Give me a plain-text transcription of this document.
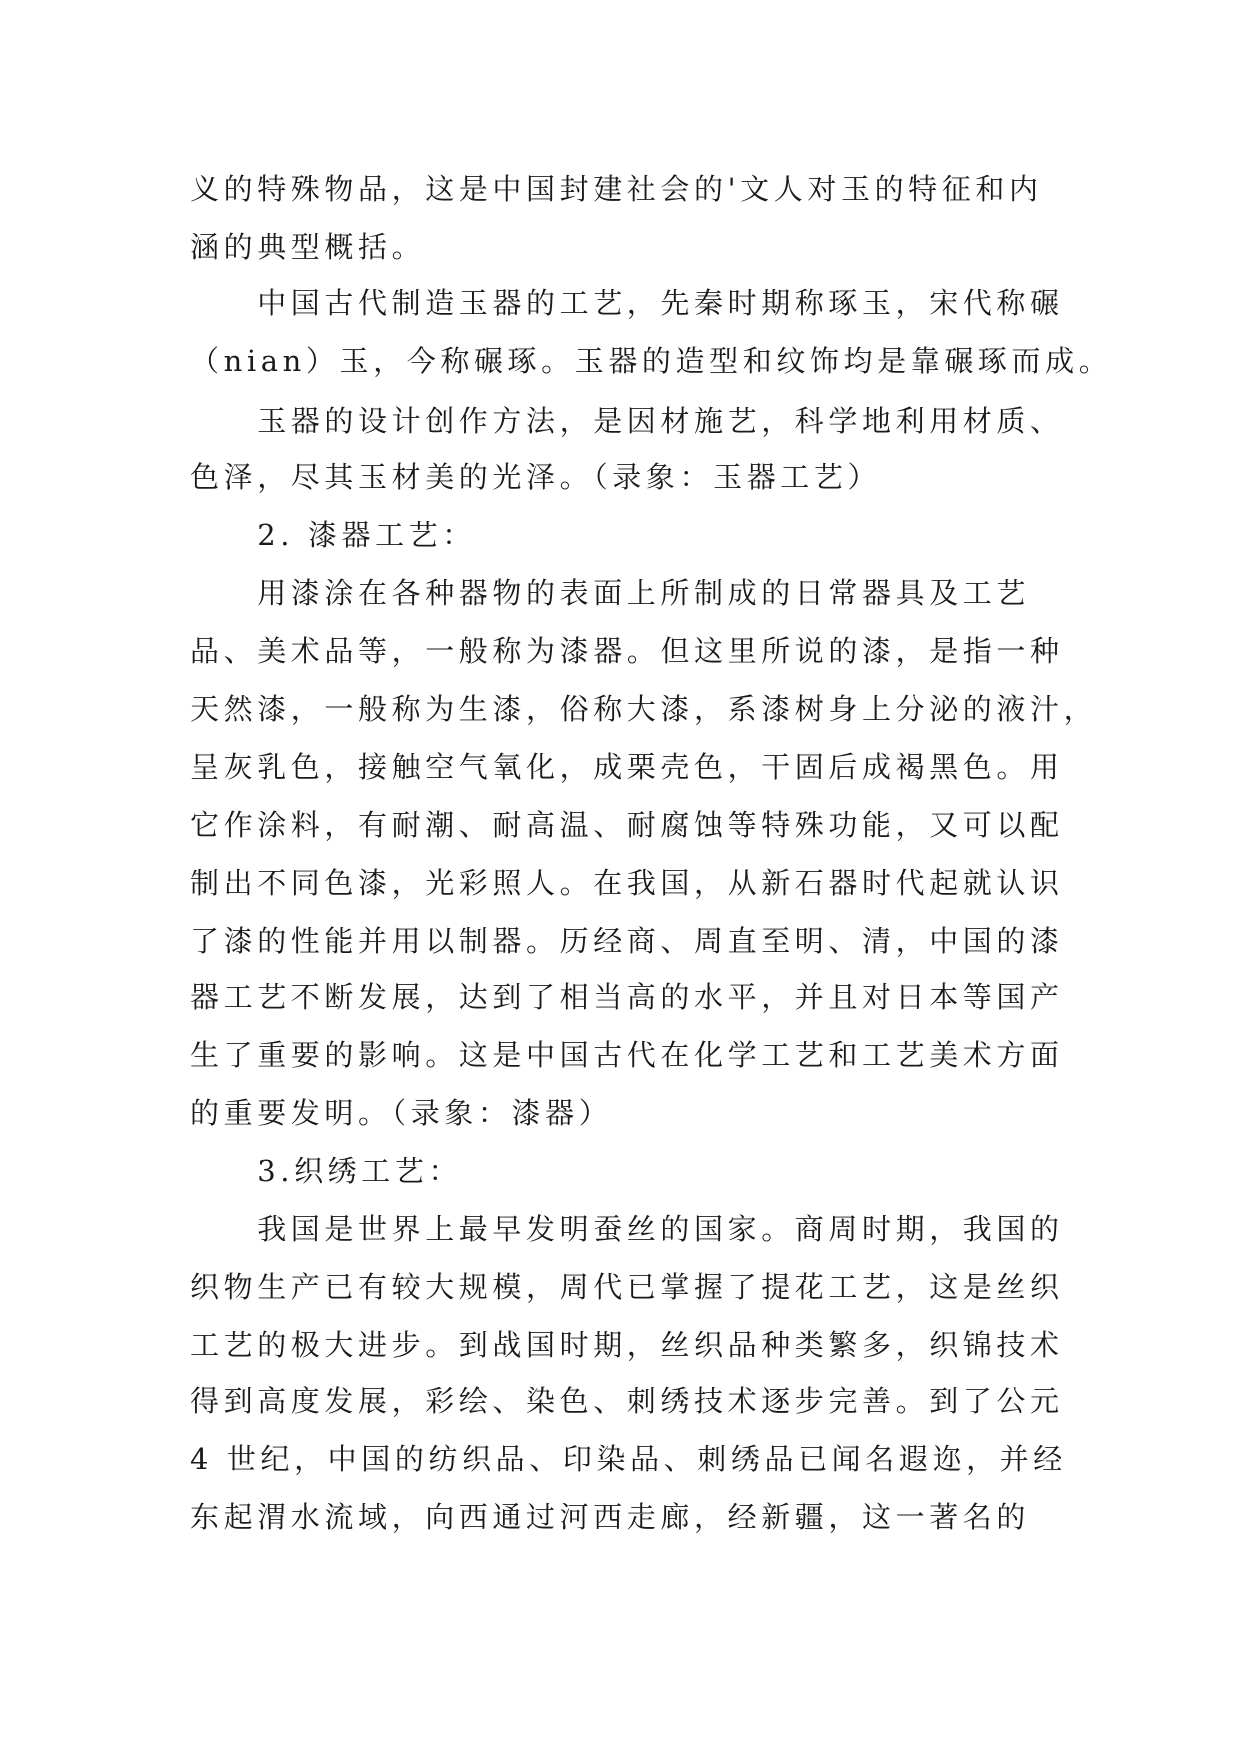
义的特殊物品，这是中国封建社会的'文人对玉的特征和内
涵的典型概括。
　　中国古代制造玉器的工艺，先秦时期称琢玉，宋代称碾
（nian）玉，今称碾琢。玉器的造型和纹饰均是靠碾琢而成。
　　玉器的设计创作方法，是因材施艺，科学地利用材质、
色泽，尽其玉材美的光泽。（录象：玉器工艺）
　　2. 漆器工艺：
　　用漆涂在各种器物的表面上所制成的日常器具及工艺
品、美术品等，一般称为漆器。但这里所说的漆，是指一种
天然漆，一般称为生漆，俗称大漆，系漆树身上分泌的液汁，
呈灰乳色，接触空气氧化，成栗壳色，干固后成褐黑色。用
它作涂料，有耐潮、耐高温、耐腐蚀等特殊功能，又可以配
制出不同色漆，光彩照人。在我国，从新石器时代起就认识
了漆的性能并用以制器。历经商、周直至明、清，中国的漆
器工艺不断发展，达到了相当高的水平，并且对日本等国产
生了重要的影响。这是中国古代在化学工艺和工艺美术方面
的重要发明。（录象：漆器）
　　3.织绣工艺：
　　我国是世界上最早发明蚕丝的国家。商周时期，我国的
织物生产已有较大规模，周代已掌握了提花工艺，这是丝织
工艺的极大进步。到战国时期，丝织品种类繁多，织锦技术
得到高度发展，彩绘、染色、刺绣技术逐步完善。到了公元
4 世纪，中国的纺织品、印染品、刺绣品已闻名遐迩，并经
东起渭水流域，向西通过河西走廊，经新疆，这一著名的
